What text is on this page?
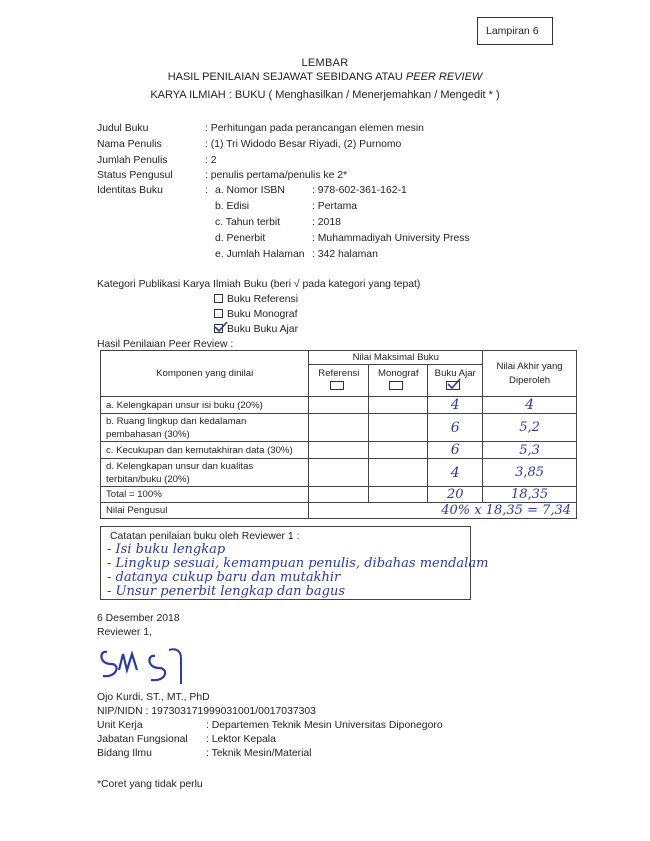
Lampiran 6
LEMBAR
HASIL PENILAIAN SEJAWAT SEBIDANG ATAU PEER REVIEW
KARYA ILMIAH : BUKU ( Menghasilkan / Menerjemahkan / Mengedit * )
Judul Buku	: Perhitungan pada perancangan elemen mesin
Nama Penulis	: (1) Tri Widodo Besar Riyadi, (2) Purnomo
Jumlah Penulis	: 2
Status Pengusul	: penulis pertama/penulis ke 2*
Identitas Buku	: a. Nomor ISBN	: 978-602-361-162-1
b. Edisi	: Pertama
c. Tahun terbit	: 2018
d. Penerbit	: Muhammadiyah University Press
e. Jumlah Halaman : 342 halaman
Kategori Publikasi Karya Ilmiah Buku (beri √ pada kategori yang tepat)
Buku Referensi
Buku Monograf
Buku Buku Ajar
Hasil Penilaian Peer Review :
Komponen yang dinilai	Nilai Maksimal Buku			Nilai Akhir yang Diperoleh

	Referensi	Monograf	Buku Ajar	

a. Kelengkapan unsur isi buku (20%)			4	4
b. Ruang lingkup dan kedalaman pembahasan (30%)			6	5,2
c. Kecukupan dan kemutakhiran data (30%)			6	5,3
d. Kelengkapan unsur dan kualitas terbitan/buku (20%)			4	3,85
Total = 100%			20	18,35
Nilai Pengusul	40% x 18,35 = 7,34			
Catatan penilaian buku oleh Reviewer 1 :
- Isi buku lengkap
- Lingkup sesuai, kemampuan penulis, dibahas mendalam
- datanya cukup baru dan mutakhir
- Unsur penerbit lengkap dan bagus
6 Desember 2018
Reviewer 1,
Ojo Kurdi, ST., MT., PhD
NIP/NIDN : 197303171999031001/0017037303
Unit Kerja	: Departemen Teknik Mesin Universitas Diponegoro
Jabatan Fungsional : Lektor Kepala
Bidang Ilmu	: Teknik Mesin/Material
*Coret yang tidak perlu
